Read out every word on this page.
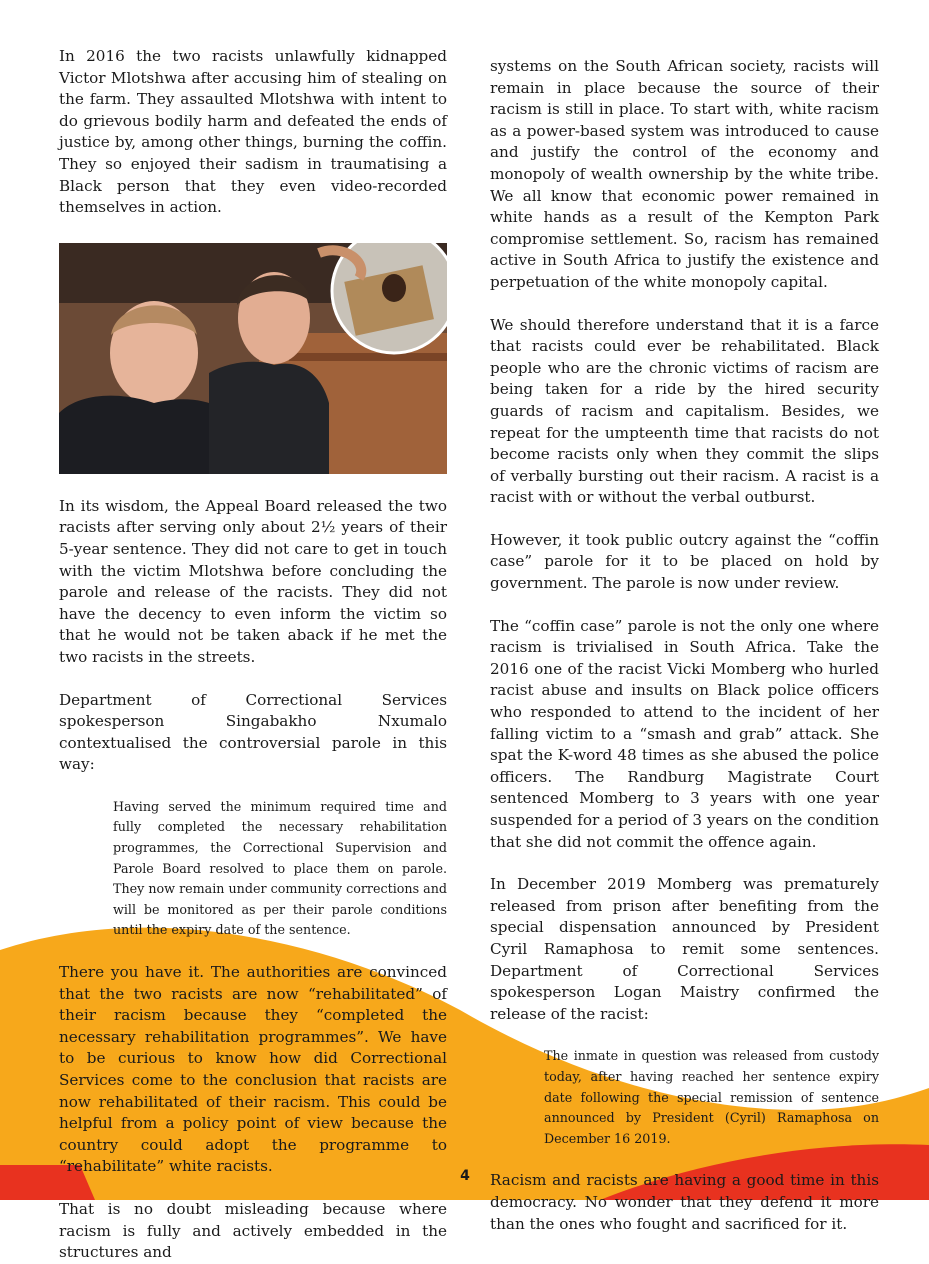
In 2016 the two racists unlawfully kidnapped Victor Mlotshwa after accusing him of stealing on the farm. They assaulted Mlotshwa with intent to do grievous bodily harm and defeated the ends of justice by, among other things, burning the coffin. They so enjoyed their sadism in traumatising a Black person that they even video-recorded themselves in action.

In its wisdom, the Appeal Board released the two racists after serving only about 2½ years of their 5-year sentence. They did not care to get in touch with the victim Mlotshwa before concluding the parole and release of the racists. They did not have the decency to even inform the victim so that he would not be taken aback if he met the two racists in the streets.

Department of Correctional Services spokesperson Singabakho Nxumalo contextualised the controversial parole in this way:

Having served the minimum required time and fully completed the necessary rehabilitation programmes, the Correctional Supervision and Parole Board resolved to place them on parole. They now remain under community corrections and will be monitored as per their parole conditions until the expiry date of the sentence.

There you have it. The authorities are convinced that the two racists are now “rehabilitated” of their racism because they “completed the necessary rehabilitation programmes”. We have to be curious to know how did Correctional Services come to the conclusion that racists are now rehabilitated of their racism. This could be helpful from a policy point of view because the country could adopt the programme to “rehabilitate” white racists.

That is no doubt misleading because where racism is fully and actively embedded in the structures and

systems on the South African society, racists will remain in place because the source of their racism is still in place. To start with, white racism as a power-based system was introduced to cause and justify the control of the economy and monopoly of wealth ownership by the white tribe. We all know that economic power remained in white hands as a result of the Kempton Park compromise settlement. So, racism has remained active in South Africa to justify the existence and perpetuation of the white monopoly capital.

We should therefore understand that it is a farce that racists could ever be rehabilitated. Black people who are the chronic victims of racism are being taken for a ride by the hired security guards of racism and capitalism. Besides, we repeat for the umpteenth time that racists do not become racists only when they commit the slips of verbally bursting out their racism. A racist is a racist with or without the verbal outburst.

However, it took public outcry against the “coffin case” parole for it to be placed on hold by government. The parole is now under review.

The “coffin case” parole is not the only one where racism is trivialised in South Africa. Take the 2016 one of the racist Vicki Momberg who hurled racist abuse and insults on Black police officers who responded to attend to the incident of her falling victim to a “smash and grab” attack. She spat the K-word 48 times as she abused the police officers. The Randburg Magistrate Court sentenced Momberg to 3 years with one year suspended for a period of 3 years on the condition that she did not commit the offence again.

In December 2019 Momberg was prematurely released from prison after benefiting from the special dispensation announced by President Cyril Ramaphosa to remit some sentences. Department of Correctional Services spokesperson Logan Maistry confirmed the release of the racist:

The inmate in question was released from custody today, after having reached her sentence expiry date following the special remission of sentence announced by President (Cyril) Ramaphosa on December 16 2019.

Racism and racists are having a good time in this democracy. No wonder that they defend it more than the ones who fought and sacrificed for it.

4
